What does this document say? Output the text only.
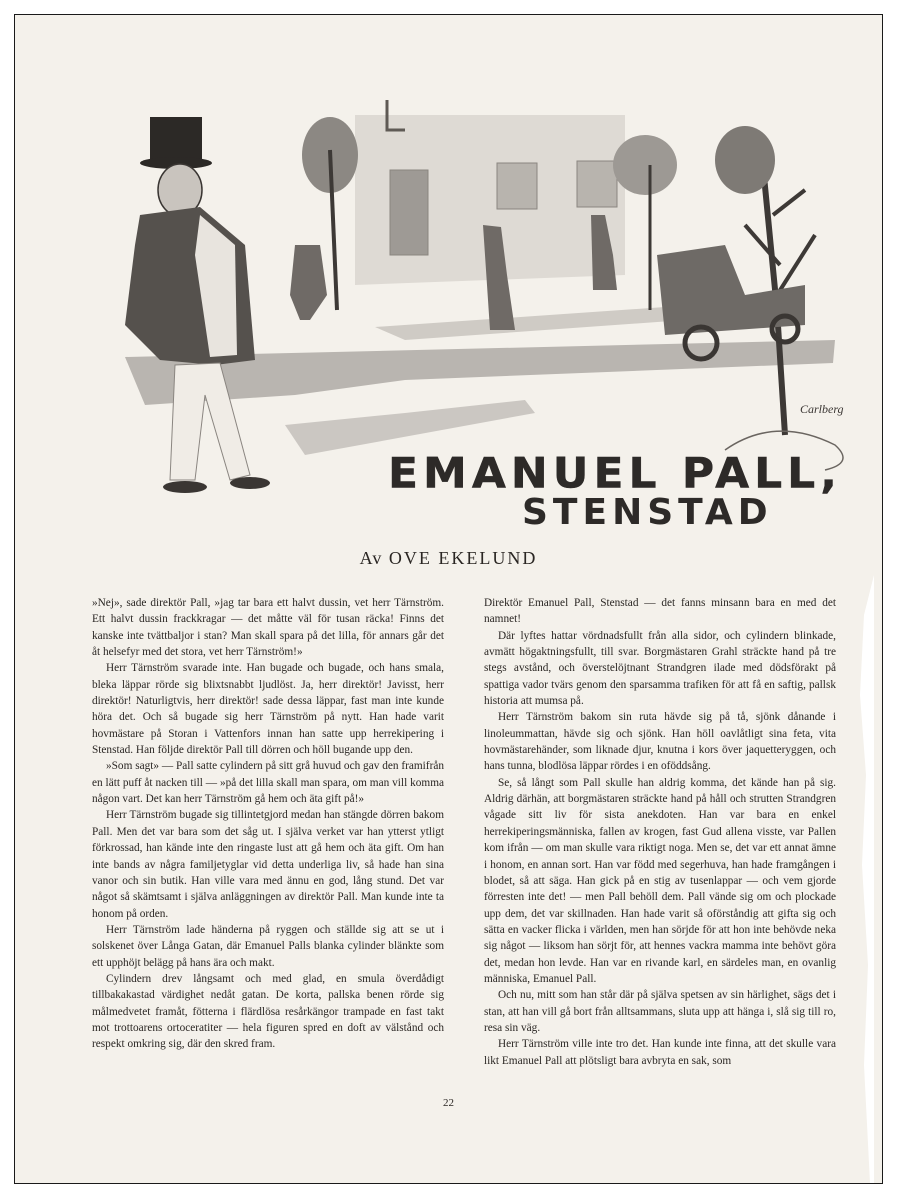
Carlberg
EMANUEL PALL,
STENSTAD
Av OVE EKELUND

»Nej», sade direktör Pall, »jag tar bara ett halvt dussin, vet herr Tärnström. Ett halvt dussin frackkragar — det måtte väl för tusan räcka! Finns det kanske inte tvättbaljor i stan? Man skall spara på det lilla, för annars går det åt helsefyr med det stora, vet herr Tärnström!»

Herr Tärnström svarade inte. Han bugade och bugade, och hans smala, bleka läppar rörde sig blixtsnabbt ljudlöst. Ja, herr direktör! Javisst, herr direktör! Naturligtvis, herr direktör! sade dessa läppar, fast man inte kunde höra det. Och så bugade sig herr Tärnström på nytt. Han hade varit hovmästare på Storan i Vattenfors innan han satte upp herrekipering i Stenstad. Han följde direktör Pall till dörren och höll bugande upp den.

»Som sagt» — Pall satte cylindern på sitt grå huvud och gav den framifrån en lätt puff åt nacken till — »på det lilla skall man spara, om man vill komma någon vart. Det kan herr Tärnström gå hem och äta gift på!»

Herr Tärnström bugade sig tillintetgjord medan han stängde dörren bakom Pall. Men det var bara som det såg ut. I själva verket var han ytterst ytligt förkrossad, han kände inte den ringaste lust att gå hem och äta gift. Om han inte bands av några familjetyglar vid detta underliga liv, så hade han sina vanor och sin butik. Han ville vara med ännu en god, lång stund. Det var något så skämtsamt i själva anläggningen av direktör Pall. Man kunde inte ta honom på orden.

Herr Tärnström lade händerna på ryggen och ställde sig att se ut i solskenet över Långa Gatan, där Emanuel Palls blanka cylinder blänkte som ett upphöjt belägg på hans ära och makt.

Cylindern drev långsamt och med glad, en smula överdådigt tillbakakastad värdighet nedåt gatan. De korta, pallska benen rörde sig målmedvetet framåt, fötterna i flärdlösa resårkängor trampade en fast takt mot trottoarens ortoceratiter — hela figuren spred en doft av välstånd och respekt omkring sig, där den skred fram.

Direktör Emanuel Pall, Stenstad — det fanns minsann bara en med det namnet!

Där lyftes hattar vördnadsfullt från alla sidor, och cylindern blinkade, avmätt högaktningsfullt, till svar. Borgmästaren Grahl sträckte hand på tre stegs avstånd, och överstelöjtnant Strandgren ilade med dödsförakt på spattiga vador tvärs genom den sparsamma trafiken för att få en saftig, pallsk historia att mumsa på.

Herr Tärnström bakom sin ruta hävde sig på tå, sjönk dånande i linoleummattan, hävde sig och sjönk. Han höll oavlåtligt sina feta, vita hovmästarehänder, som liknade djur, knutna i kors över jaquetteryggen, och hans tunna, blodlösa läppar rördes i en oföddsång.

Se, så långt som Pall skulle han aldrig komma, det kände han på sig. Aldrig därhän, att borgmästaren sträckte hand på håll och strutten Strandgren vågade sitt liv för sista anekdoten. Han var bara en enkel herrekiperingsmänniska, fallen av krogen, fast Gud allena visste, var Pallen kom ifrån — om man skulle vara riktigt noga. Men se, det var ett annat ämne i honom, en annan sort. Han var född med segerhuva, han hade framgången i blodet, så att säga. Han gick på en stig av tusenlappar — och vem gjorde förresten inte det! — men Pall behöll dem. Pall vände sig om och plockade upp dem, det var skillnaden. Han hade varit så oförståndig att gifta sig och sätta en vacker flicka i världen, men han sörjde för att hon inte behövde neka sig något — liksom han sörjt för, att hennes vackra mamma inte behövt göra det, medan hon levde. Han var en rivande karl, en särdeles man, en ovanlig människa, Emanuel Pall.

Och nu, mitt som han står där på själva spetsen av sin härlighet, sägs det i stan, att han vill gå bort från alltsammans, sluta upp att hänga i, slå sig till ro, resa sin väg.

Herr Tärnström ville inte tro det. Han kunde inte finna, att det skulle vara likt Emanuel Pall att plötsligt bara avbryta en sak, som

22
